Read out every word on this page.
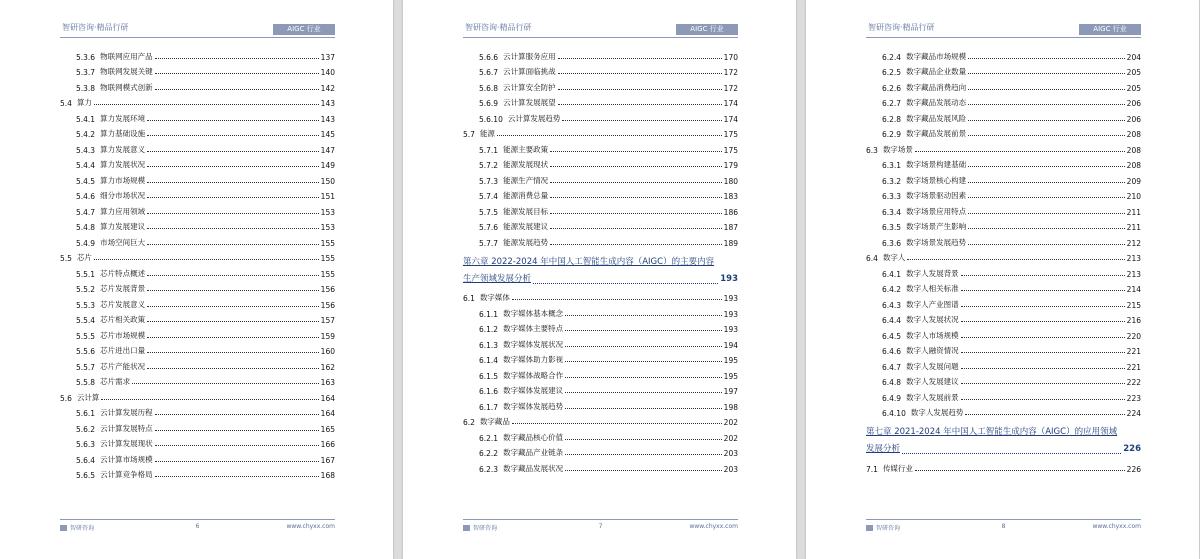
智研咨询·精品行研	AIGC 行业
5.3.6 物联网应用产品	137
5.3.7 物联网发展关键	140
5.3.8 物联网模式创新	142
5.4 算力	143
5.4.1 算力发展环境	143
5.4.2 算力基础设施	145
5.4.3 算力发展意义	147
5.4.4 算力发展状况	149
5.4.5 算力市场规模	150
5.4.6 细分市场状况	151
5.4.7 算力应用领域	153
5.4.8 算力发展建议	153
5.4.9 市场空间巨大	155
5.5 芯片	155
5.5.1 芯片特点概述	155
5.5.2 芯片发展背景	156
5.5.3 芯片发展意义	156
5.5.4 芯片相关政策	157
5.5.5 芯片市场规模	159
5.5.6 芯片进出口量	160
5.5.7 芯片产能状况	162
5.5.8 芯片需求	163
5.6 云计算	164
5.6.1 云计算发展历程	164
5.6.2 云计算发展特点	165
5.6.3 云计算发展现状	166
5.6.4 云计算市场规模	167
5.6.5 云计算竞争格局	168
智研咨询	6	www.chyxx.com
智研咨询·精品行研	AIGC 行业
5.6.6 云计算服务应用	170
5.6.7 云计算面临挑战	172
5.6.8 云计算安全防护	172
5.6.9 云计算发展展望	174
5.6.10 云计算发展趋势	174
5.7 能源	175
5.7.1 能源主要政策	175
5.7.2 能源发展现状	179
5.7.3 能源生产情况	180
5.7.4 能源消费总量	183
5.7.5 能源发展目标	186
5.7.6 能源发展建议	187
5.7.7 能源发展趋势	189
第六章 2022-2024 年中国人工智能生成内容（AIGC）的主要内容
生产领域发展分析	193
6.1 数字媒体	193
6.1.1 数字媒体基本概念	193
6.1.2 数字媒体主要特点	193
6.1.3 数字媒体发展状况	194
6.1.4 数字媒体助力影视	195
6.1.5 数字媒体战略合作	195
6.1.6 数字媒体发展建议	197
6.1.7 数字媒体发展趋势	198
6.2 数字藏品	202
6.2.1 数字藏品核心价值	202
6.2.2 数字藏品产业链条	203
6.2.3 数字藏品发展状况	203
智研咨询	7	www.chyxx.com
智研咨询·精品行研	AIGC 行业
6.2.4 数字藏品市场规模	204
6.2.5 数字藏品企业数量	205
6.2.6 数字藏品消费趋向	205
6.2.7 数字藏品发展动态	206
6.2.8 数字藏品发展风险	206
6.2.9 数字藏品发展前景	208
6.3 数字场景	208
6.3.1 数字场景构建基础	208
6.3.2 数字场景核心构建	209
6.3.3 数字场景驱动因素	210
6.3.4 数字场景应用特点	211
6.3.5 数字场景产生影响	211
6.3.6 数字场景发展趋势	212
6.4 数字人	213
6.4.1 数字人发展背景	213
6.4.2 数字人相关标准	214
6.4.3 数字人产业图谱	215
6.4.4 数字人发展状况	216
6.4.5 数字人市场规模	220
6.4.6 数字人融资情况	221
6.4.7 数字人发展问题	221
6.4.8 数字人发展建议	222
6.4.9 数字人发展前景	223
6.4.10 数字人发展趋势	224
第七章 2021-2024 年中国人工智能生成内容（AIGC）的应用领域
发展分析	226
7.1 传媒行业	226
智研咨询	8	www.chyxx.com
